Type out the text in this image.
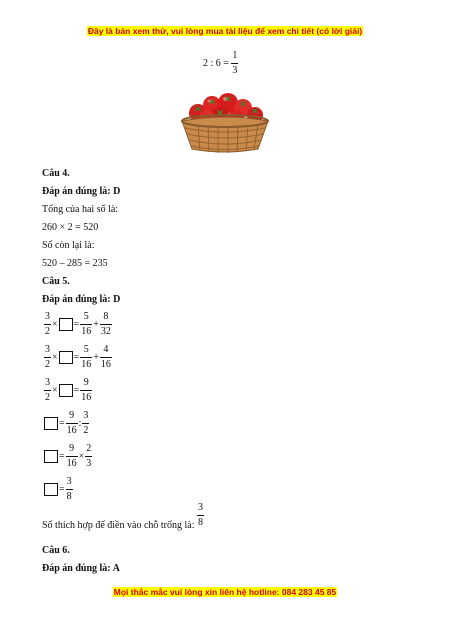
Đây là bản xem thử, vui lòng mua tài liệu để xem chi tiết (có lời giải)
2 : 6 =
$\frac{1}{3}$
Câu 4.
Đáp án đúng là: D
Tổng của hai số là:
260 × 2 = 520
Số còn lại là:
520 – 285 = 235
Câu 5.
Đáp án đúng là: D
$\frac{3}{2}$ × = $\frac{5}{16} + \frac{8}{32}$
$\frac{3}{2}$ × = $\frac{5}{16} + \frac{4}{16}$
$\frac{3}{2}$ × = $\frac{9}{16}$
= $\frac{9}{16}$ : $\frac{3}{2}$
= $\frac{9}{16} \times \frac{2}{3}$
= $\frac{3}{8}$
Số thích hợp để điền vào chỗ trống là:
$\frac{3}{8}$
Câu 6.
Đáp án đúng là: A
Mọi thắc mắc vui lòng xin liên hệ hotline: 084 283 45 85
